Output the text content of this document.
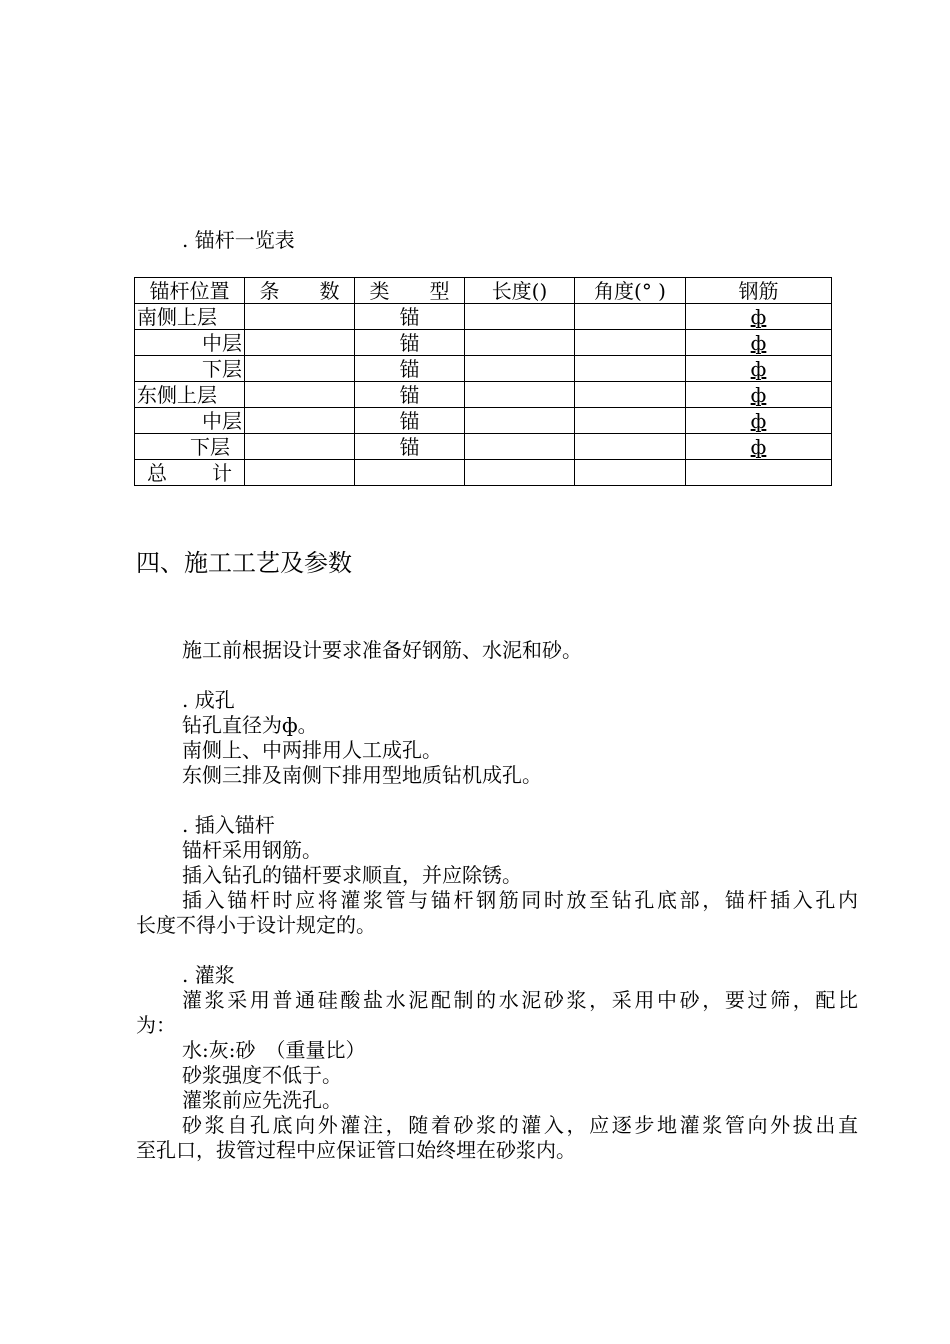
. 锚杆一览表
锚杆位置	条　　数	类　　型	长度()	角度(° )	钢筋
南侧上层		锚			ф
中层		锚			ф
下层		锚			ф
东侧上层		锚			ф
中层		锚			ф
下层		锚			ф

总 计					

四、施工工艺及参数
施工前根据设计要求准备好钢筋、水泥和砂。
. 成孔
钻孔直径为ф。
南侧上、中两排用人工成孔。
东侧三排及南侧下排用型地质钻机成孔。
. 插入锚杆
锚杆采用钢筋。
插入钻孔的锚杆要求顺直，并应除锈。
插入锚杆时应将灌浆管与锚杆钢筋同时放至钻孔底部，锚杆插入孔内
长度不得小于设计规定的。
. 灌浆
灌浆采用普通硅酸盐水泥配制的水泥砂浆，采用中砂，要过筛，配比
为：
水:灰:砂　（重量比）
砂浆强度不低于。
灌浆前应先洗孔。
砂浆自孔底向外灌注，随着砂浆的灌入，应逐步地灌浆管向外拔出直
至孔口，拔管过程中应保证管口始终埋在砂浆内。
